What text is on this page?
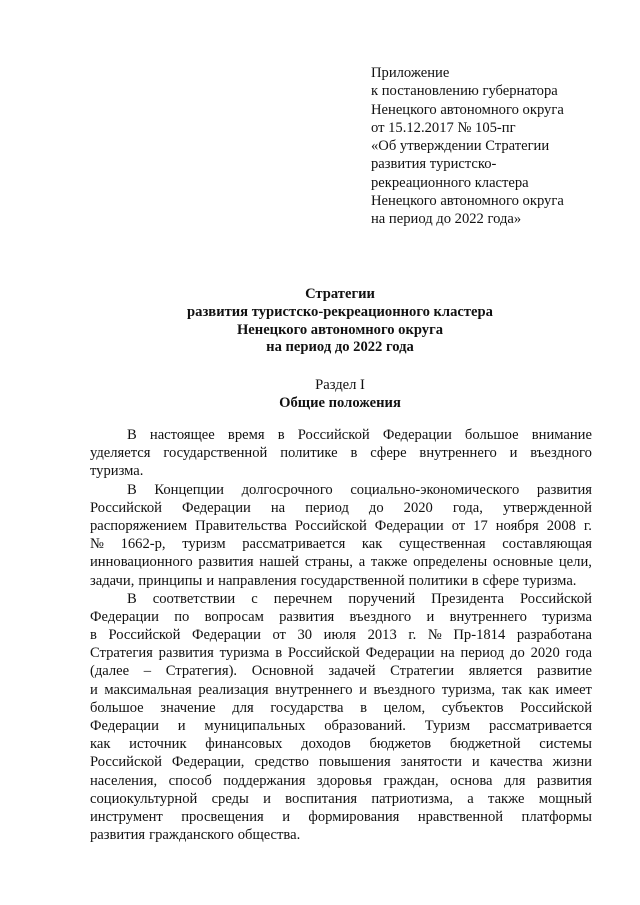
Приложение
к постановлению губернатора
Ненецкого автономного округа
от 15.12.2017 № 105-пг
«Об утверждении Стратегии
развития туристско-
рекреационного кластера
Ненецкого автономного округа
на период до 2022 года»
Стратегии
развития туристско-рекреационного кластера
Ненецкого автономного округа
на период до 2022 года
Раздел I
Общие положения
В настоящее время в Российской Федерации большое внимание
уделяется государственной политике в сфере внутреннего и въездного
туризма.
В Концепции долгосрочного социально-экономического развития
Российской Федерации на период до 2020 года, утвержденной
распоряжением Правительства Российской Федерации от 17 ноября 2008 г.
№ 1662-р, туризм рассматривается как существенная составляющая
инновационного развития нашей страны, а также определены основные цели,
задачи, принципы и направления государственной политики в сфере туризма.
В соответствии с перечнем поручений Президента Российской
Федерации по вопросам развития въездного и внутреннего туризма
в Российской Федерации от 30 июля 2013 г. № Пр-1814 разработана
Стратегия развития туризма в Российской Федерации на период до 2020 года
(далее – Стратегия). Основной задачей Стратегии является развитие
и максимальная реализация внутреннего и въездного туризма, так как имеет
большое значение для государства в целом, субъектов Российской
Федерации и муниципальных образований. Туризм рассматривается
как источник финансовых доходов бюджетов бюджетной системы
Российской Федерации, средство повышения занятости и качества жизни
населения, способ поддержания здоровья граждан, основа для развития
социокультурной среды и воспитания патриотизма, а также мощный
инструмент просвещения и формирования нравственной платформы
развития гражданского общества.
